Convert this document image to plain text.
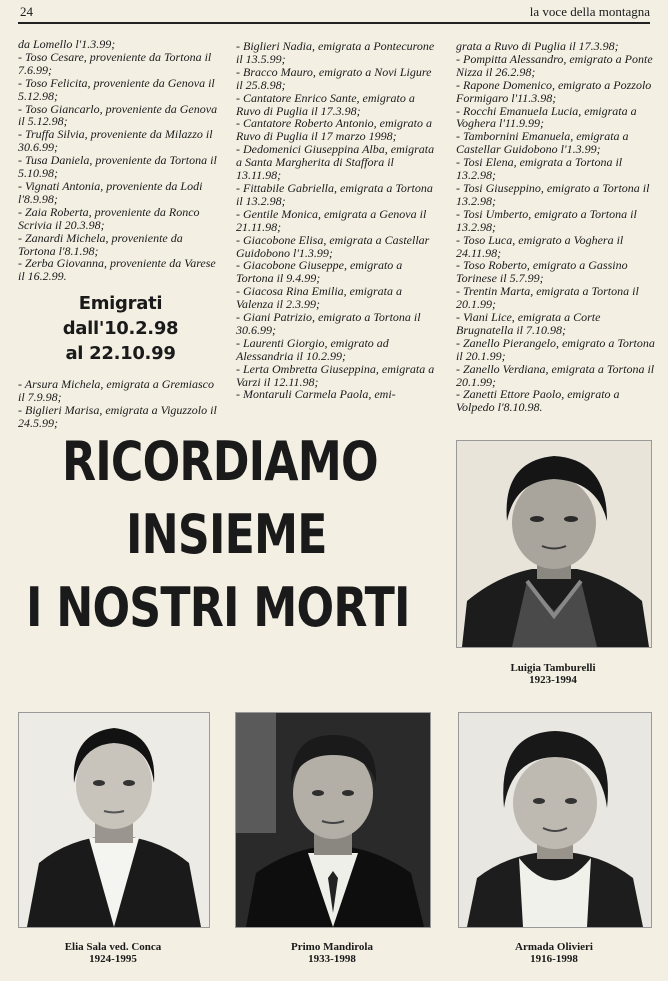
24	la voce della montagna

da Lomello l'1.3.99;

- Toso Cesare, proveniente da Tortona il 7.6.99;

- Toso Felicita, proveniente da Genova il 5.12.98;

- Toso Giancarlo, proveniente da Genova il 5.12.98;

- Truffa Silvia, proveniente da Milazzo il 30.6.99;

- Tusa Daniela, proveniente da Tortona il 5.10.98;

- Vignati Antonia, proveniente da Lodi l'8.9.98;

- Zaia Roberta, proveniente da Ronco Scrivia il 20.3.98;

- Zanardi Michela, proveniente da Tortona l'8.1.98;

- Zerba Giovanna, proveniente da Varese il 16.2.99.

Emigrati dall'10.2.98
al 22.10.99

- Arsura Michela, emigrata a Gremiasco il 7.9.98;

- Biglieri Marisa, emigrata a Viguzzolo il 24.5.99;

- Biglieri Nadia, emigrata a Pontecurone il 13.5.99;

- Bracco Mauro, emigrato a Novi Ligure il 25.8.98;

- Cantatore Enrico Sante, emigrato a Ruvo di Puglia il 17.3.98;

- Cantatore Roberto Antonio, emigrato a Ruvo di Puglia il 17 marzo 1998;

- Dedomenici Giuseppina Alba, emigrata a Santa Margherita di Staffora il 13.11.98;

- Fittabile Gabriella, emigrata a Tortona il 13.2.98;

- Gentile Monica, emigrata a Genova il 21.11.98;

- Giacobone Elisa, emigrata a Castellar Guidobono l'1.3.99;

- Giacobone Giuseppe, emigrato a Tortona il 9.4.99;

- Giacosa Rina Emilia, emigrata a Valenza il 2.3.99;

- Giani Patrizio, emigrato a Tortona il 30.6.99;

- Laurenti Giorgio, emigrato ad Alessandria il 10.2.99;

- Lerta Ombretta Giuseppina, emigrata a Varzi il 12.11.98;

- Montaruli Carmela Paola, emi-

grata a Ruvo di Puglia il 17.3.98;

- Pompitta Alessandro, emigrato a Ponte Nizza il 26.2.98;

- Rapone Domenico, emigrato a Pozzolo Formigaro l'11.3.98;

- Rocchi Emanuela Lucia, emigrata a Voghera l'11.9.99;

- Tambornini Emanuela, emigrata a Castellar Guidobono l'1.3.99;

- Tosi Elena, emigrata a Tortona il 13.2.98;

- Tosi Giuseppino, emigrato a Tortona il 13.2.98;

- Tosi Umberto, emigrato a Tortona il 13.2.98;

- Toso Luca, emigrato a Voghera il 24.11.98;

- Toso Roberto, emigrato a Gassino Torinese il 5.7.99;

- Trentin Marta, emigrata a Tortona il 20.1.99;

- Viani Lice, emigrata a Corte Brugnatella il 7.10.98;

- Zanello Pierangelo, emigrato a Tortona il 20.1.99;

- Zanello Verdiana, emigrata a Tortona il 20.1.99;

- Zanetti Ettore Paolo, emigrato a Volpedo l'8.10.98.

RICORDIAMO
INSIEME
I NOSTRI MORTI
Luigia Tamburelli
1923-1994
Elia Sala ved. Conca
1924-1995
Primo Mandirola
1933-1998
Armada Olivieri
1916-1998
